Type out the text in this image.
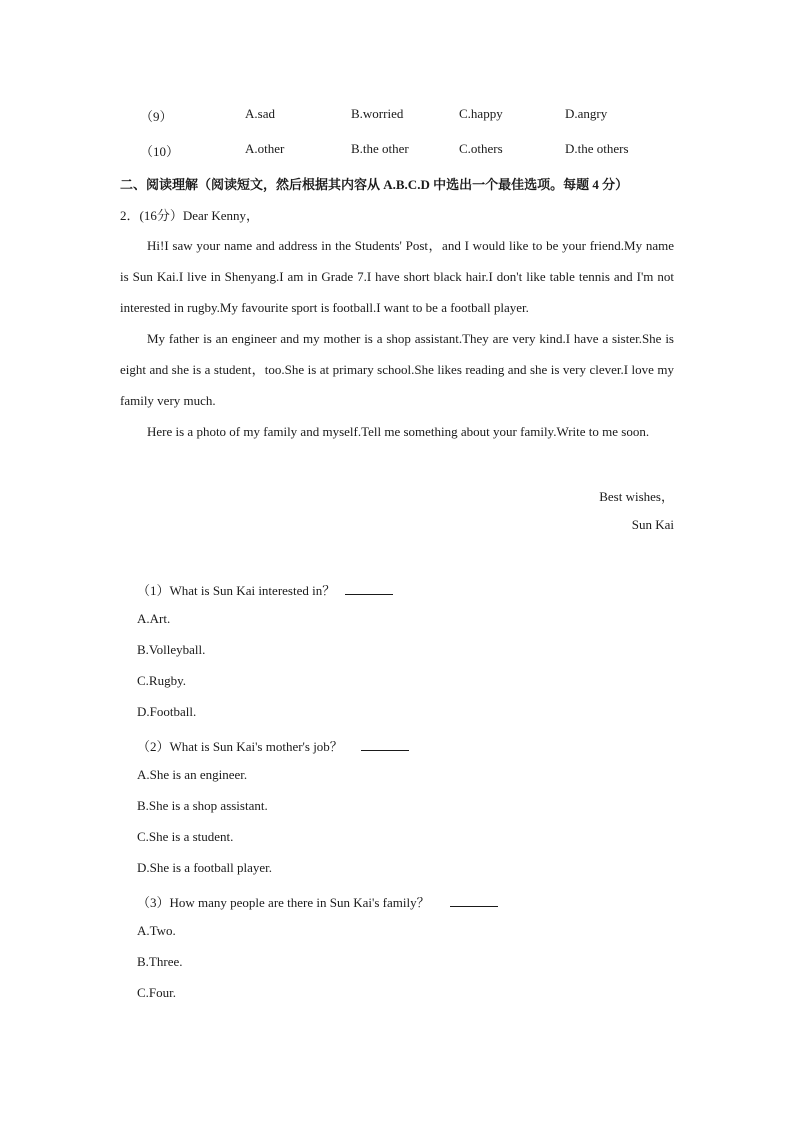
（9）	A.sad	B.worried	C.happy	D.angry
（10）	A.other	B.the other	C.others	D.the others
二、阅读理解（阅读短文，然后根据其内容从 A.B.C.D 中选出一个最佳选项。每题 4 分）
2．(16分）Dear Kenny，

Hi!I saw your name and address in the Students' Post，and I would like to be your friend.My name is Sun Kai.I live in Shenyang.I am in Grade 7.I have short black hair.I don't like table tennis and I'm not interested in rugby.My favourite sport is football.I want to be a football player.

My father is an engineer and my mother is a shop assistant.They are very kind.I have a sister.She is eight and she is a student，too.She is at primary school.She likes reading and she is very clever.I love my family very much.

Here is a photo of my family and myself.Tell me something about your family.Write to me soon.

Best wishes，
Sun Kai
（1）What is Sun Kai interested in？
A.Art.
B.Volleyball.
C.Rugby.
D.Football.
（2）What is Sun Kai's mother's job？
A.She is an engineer.
B.She is a shop assistant.
C.She is a student.
D.She is a football player.
（3）How many people are there in Sun Kai's family？
A.Two.
B.Three.
C.Four.
